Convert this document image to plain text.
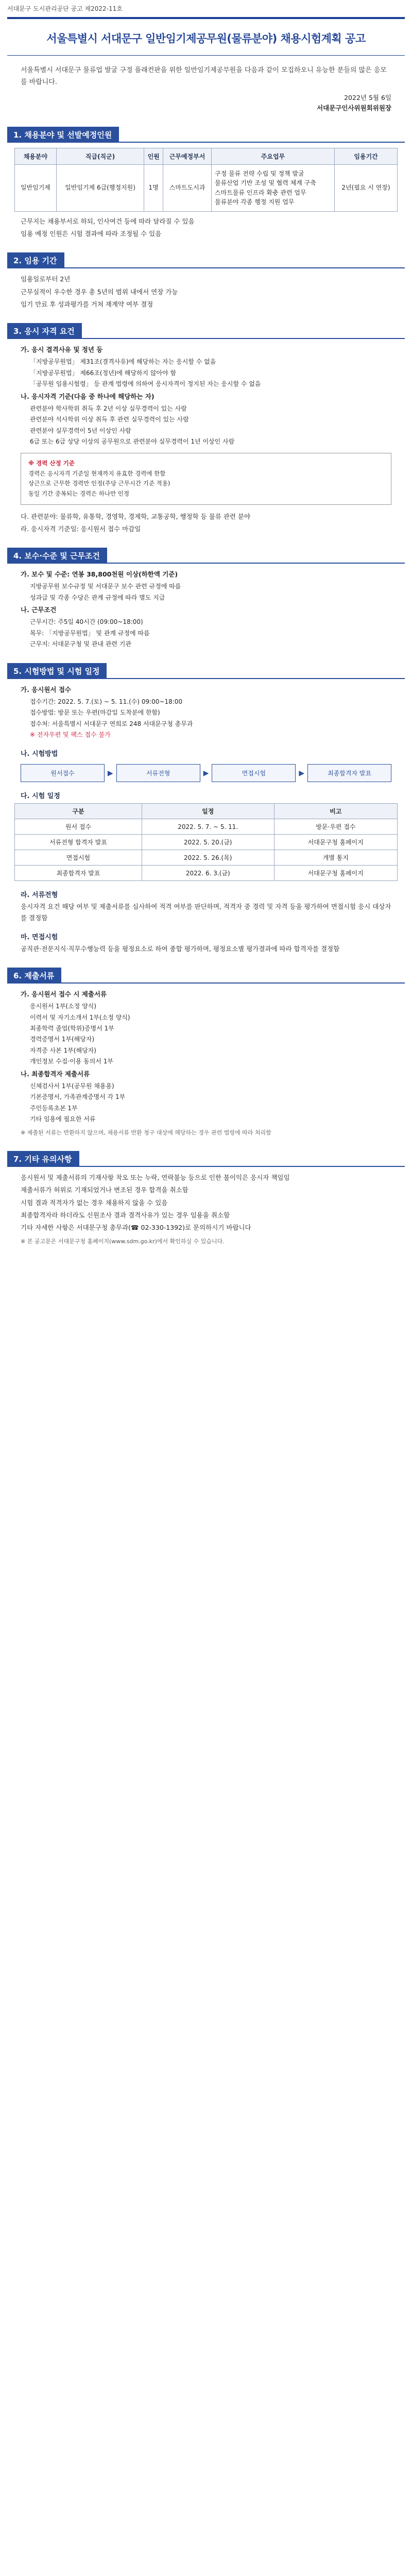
서대문구 도시관리공단 공고 제2022-11호
서울특별시 서대문구 일반임기제공무원(물류분야) 채용시험계획 공고
서울특별시 서대문구 물류업 발굴 구정 플래컨판을 위한 일반임기제공무원을 다음과 같이 모집하오니 유능한 분들의 많은 응모를 바랍니다.
2022년 5월 6일
서대문구인사위원회위원장
1. 채용분야 및 선발예정인원
채용분야	직급(직군)	인원	근무예정부서	주요업무	임용기간
일반임기제	일반임기제 6급(행정지원)	1명	스마트도시과	구정 물류 전략 수립 및 정책 발굴
물류산업 기반 조성 및 협력 체계 구축
스마트물류 인프라 확충 관련 업무
물류분야 각종 행정 지원 업무	2년(필요 시 연장)
근무지는 채용부서로 하되, 인사여건 등에 따라 달라질 수 있음
임용 예정 인원은 시험 결과에 따라 조정될 수 있음
2. 임용 기간
임용일로부터 2년
근무실적이 우수한 경우 총 5년의 범위 내에서 연장 가능
임기 만료 후 성과평가를 거쳐 재계약 여부 결정
3. 응시 자격 요건
가. 응시 결격사유 및 정년 등
「지방공무원법」 제31조(결격사유)에 해당하는 자는 응시할 수 없음
「지방공무원법」 제66조(정년)에 해당하지 않아야 함
「공무원 임용시험령」 등 관계 법령에 의하여 응시자격이 정지된 자는 응시할 수 없음
나. 응시자격 기준(다음 중 하나에 해당하는 자)
관련분야 학사학위 취득 후 2년 이상 실무경력이 있는 사람
관련분야 석사학위 이상 취득 후 관련 실무경력이 있는 사람
관련분야 실무경력이 5년 이상인 사람
6급 또는 6급 상당 이상의 공무원으로 관련분야 실무경력이 1년 이상인 사람
※ 경력 산정 기준
경력은 응시자격 기준일 현재까지 유효한 경력에 한함
상근으로 근무한 경력만 인정(주당 근무시간 기준 적용)
동일 기간 중복되는 경력은 하나만 인정
다. 관련분야: 물류학, 유통학, 경영학, 경제학, 교통공학, 행정학 등 물류 관련 분야
라. 응시자격 기준일: 응시원서 접수 마감일
4. 보수·수준 및 근무조건
가. 보수 및 수준: 연봉 38,800천원 이상(하한액 기준)
지방공무원 보수규정 및 서대문구 보수 관련 규정에 따름
성과급 및 각종 수당은 관계 규정에 따라 별도 지급
나. 근무조건
근무시간: 주5일 40시간 (09:00~18:00)
복무: 「지방공무원법」 및 관계 규정에 따름
근무지: 서대문구청 및 관내 관련 기관
5. 시험방법 및 시험 일정
가. 응시원서 접수
접수기간: 2022. 5. 7.(토) ~ 5. 11.(수) 09:00~18:00
접수방법: 방문 또는 우편(마감일 도착분에 한함)
접수처: 서울특별시 서대문구 연희로 248 서대문구청 총무과
※ 전자우편 및 팩스 접수 불가
나. 시험방법
원서접수	▶	서류전형	▶	면접시험	▶	최종합격자 발표
다. 시험 일정
구분	일정	비고
원서 접수	2022. 5. 7. ~ 5. 11.	방문·우편 접수
서류전형 합격자 발표	2022. 5. 20.(금)	서대문구청 홈페이지
면접시험	2022. 5. 26.(목)	개별 통지
최종합격자 발표	2022. 6. 3.(금)	서대문구청 홈페이지
라. 서류전형
응시자격 요건 해당 여부 및 제출서류를 심사하여 적격 여부를 판단하며, 적격자 중 경력 및 자격 등을 평가하여 면접시험 응시 대상자를 결정함
마. 면접시험
공직관·전문지식·직무수행능력 등을 평정요소로 하여 종합 평가하며, 평정요소별 평가결과에 따라 합격자를 결정함
6. 제출서류
가. 응시원서 접수 시 제출서류
응시원서 1부(소정 양식)
이력서 및 자기소개서 1부(소정 양식)
최종학력 졸업(학위)증명서 1부
경력증명서 1부(해당자)
자격증 사본 1부(해당자)
개인정보 수집·이용 동의서 1부
나. 최종합격자 제출서류
신체검사서 1부(공무원 채용용)
기본증명서, 가족관계증명서 각 1부
주민등록초본 1부
기타 임용에 필요한 서류
※ 제출된 서류는 반환하지 않으며, 채용서류 반환 청구 대상에 해당하는 경우 관련 법령에 따라 처리함
7. 기타 유의사항
응시원서 및 제출서류의 기재사항 착오 또는 누락, 연락불능 등으로 인한 불이익은 응시자 책임임
제출서류가 허위로 기재되었거나 변조된 경우 합격을 취소함
시험 결과 적격자가 없는 경우 채용하지 않을 수 있음
최종합격자라 하더라도 신원조사 결과 결격사유가 있는 경우 임용을 취소함
기타 자세한 사항은 서대문구청 총무과(☎ 02-330-1392)로 문의하시기 바랍니다
※ 본 공고문은 서대문구청 홈페이지(www.sdm.go.kr)에서 확인하실 수 있습니다.
